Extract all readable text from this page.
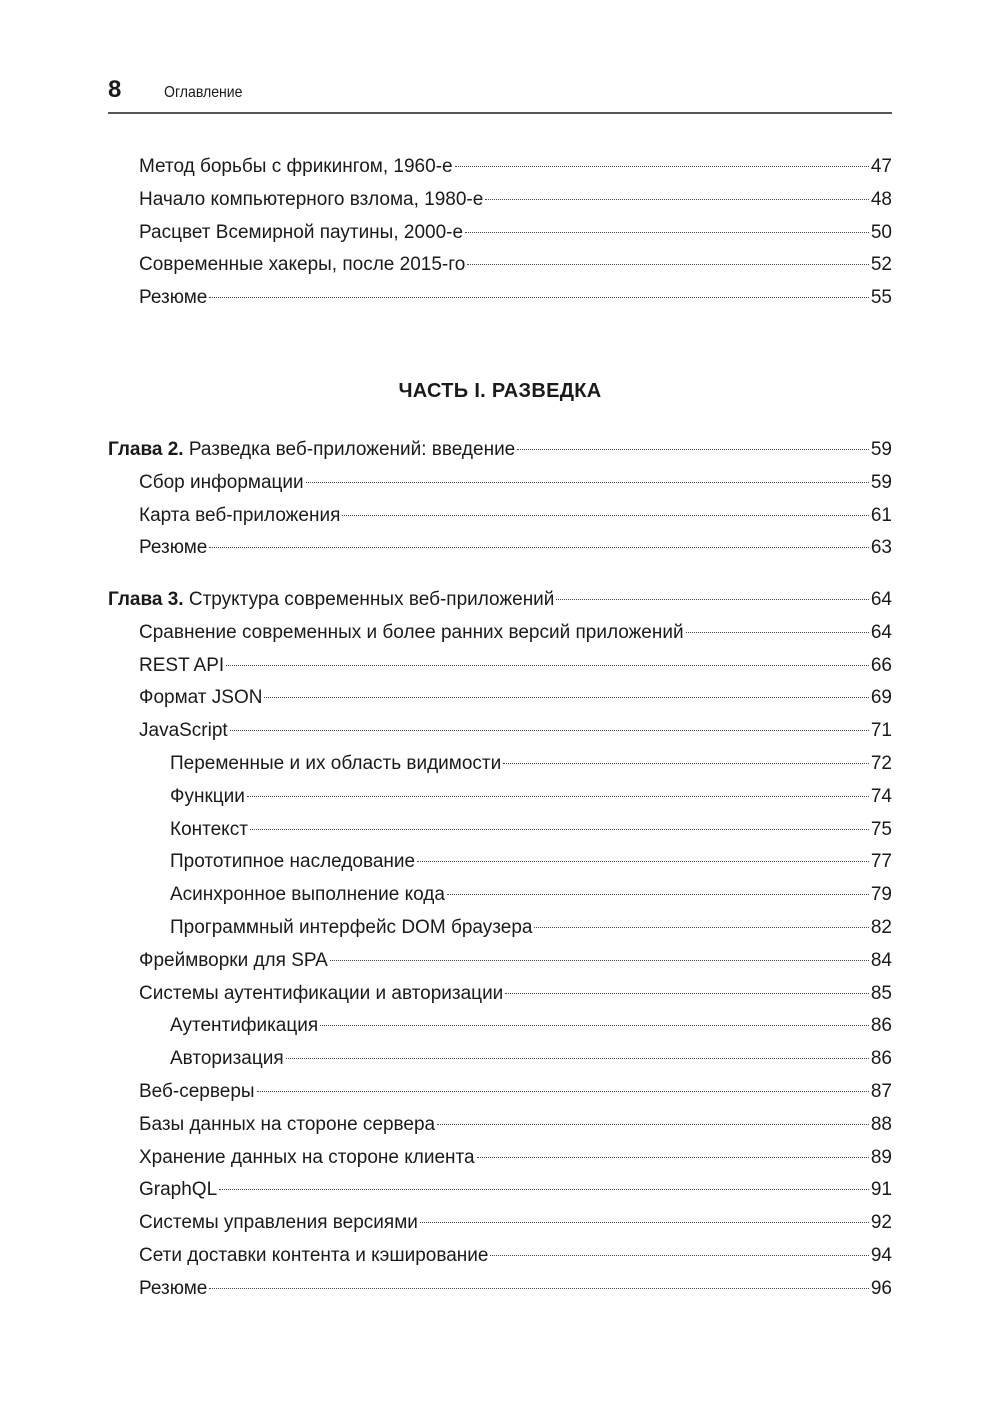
8	Оглавление
Метод борьбы с фрикингом, 1960-е	47
Начало компьютерного взлома, 1980-е	48
Расцвет Всемирной паутины, 2000-е	50
Современные хакеры, после 2015-го	52
Резюме	55
ЧАСТЬ I. РАЗВЕДКА
Глава 2. Разведка веб-приложений: введение	59
Сбор информации	59
Карта веб-приложения	61
Резюме	63
Глава 3. Структура современных веб-приложений	64
Сравнение современных и более ранних версий приложений	64
REST API	66
Формат JSON	69
JavaScript	71
Переменные и их область видимости	72
Функции	74
Контекст	75
Прототипное наследование	77
Асинхронное выполнение кода	79
Программный интерфейс DOM браузера	82
Фреймворки для SPA	84
Системы аутентификации и авторизации	85
Аутентификация	86
Авторизация	86
Веб-серверы	87
Базы данных на стороне сервера	88
Хранение данных на стороне клиента	89
GraphQL	91
Системы управления версиями	92
Сети доставки контента и кэширование	94
Резюме	96
